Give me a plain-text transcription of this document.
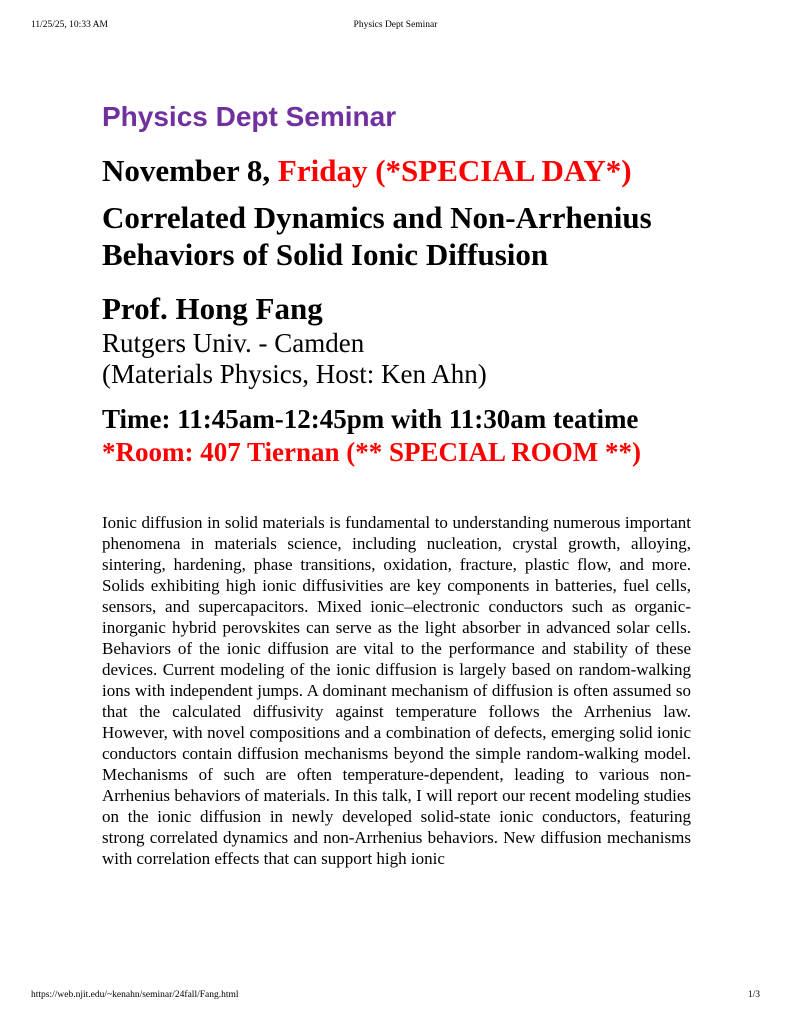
Physics Dept Seminar
11/25/25, 10:33 AM
Physics Dept Seminar
November 8, Friday (*SPECIAL DAY*)
Correlated Dynamics and Non-Arrhenius Behaviors of Solid Ionic Diffusion
Prof. Hong Fang
Rutgers Univ. - Camden
(Materials Physics, Host: Ken Ahn)
Time: 11:45am-12:45pm with 11:30am teatime
*Room: 407 Tiernan (** SPECIAL ROOM **)
Ionic diffusion in solid materials is fundamental to understanding numerous important phenomena in materials science, including nucleation, crystal growth, alloying, sintering, hardening, phase transitions, oxidation, fracture, plastic flow, and more. Solids exhibiting high ionic diffusivities are key components in batteries, fuel cells, sensors, and supercapacitors. Mixed ionic–electronic conductors such as organic-inorganic hybrid perovskites can serve as the light absorber in advanced solar cells. Behaviors of the ionic diffusion are vital to the performance and stability of these devices. Current modeling of the ionic diffusion is largely based on random-walking ions with independent jumps. A dominant mechanism of diffusion is often assumed so that the calculated diffusivity against temperature follows the Arrhenius law. However, with novel compositions and a combination of defects, emerging solid ionic conductors contain diffusion mechanisms beyond the simple random-walking model. Mechanisms of such are often temperature-dependent, leading to various non-Arrhenius behaviors of materials. In this talk, I will report our recent modeling studies on the ionic diffusion in newly developed solid-state ionic conductors, featuring strong correlated dynamics and non-Arrhenius behaviors. New diffusion mechanisms with correlation effects that can support high ionic
https://web.njit.edu/~kenahn/seminar/24fall/Fang.html	1/3
